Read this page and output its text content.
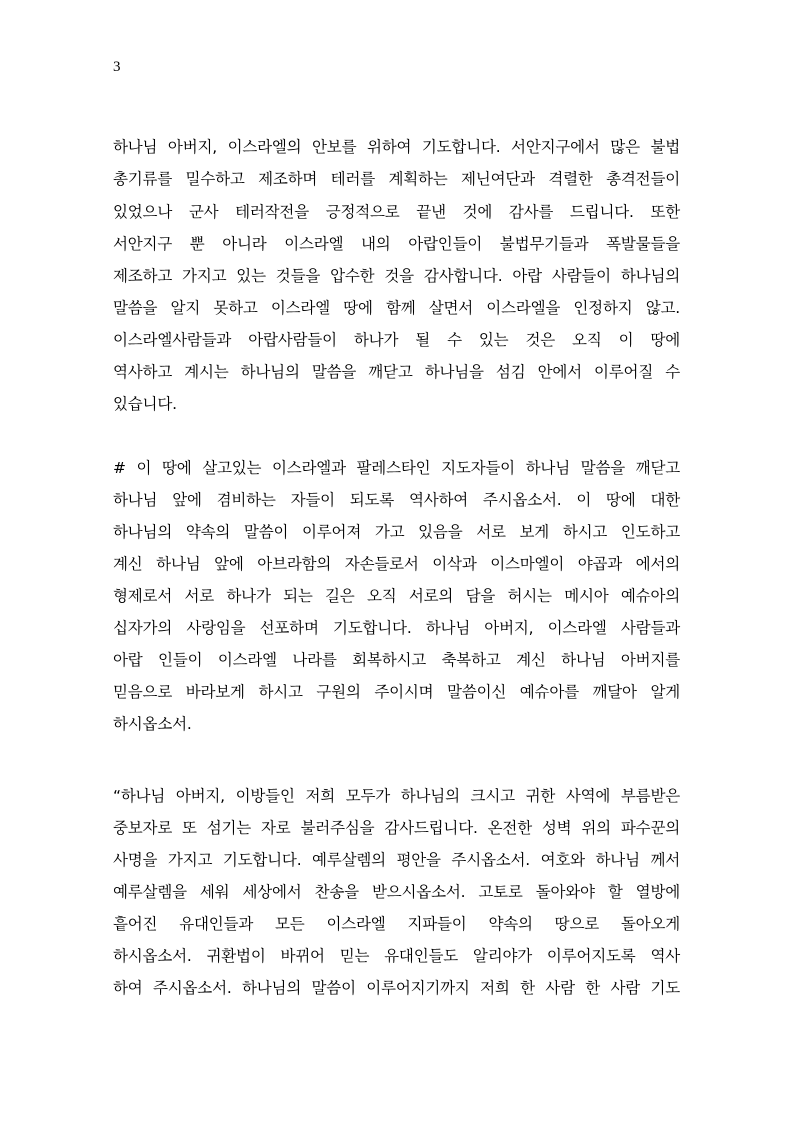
3
하나님 아버지, 이스라엘의 안보를 위하여 기도합니다. 서안지구에서 많은 불법
총기류를 밀수하고 제조하며 테러를 계획하는 제닌여단과 격렬한 총격전들이
있었으나 군사 테러작전을 긍정적으로 끝낸 것에 감사를 드립니다. 또한
서안지구 뿐 아니라 이스라엘 내의 아랍인들이 불법무기들과 폭발물들을
제조하고 가지고 있는 것들을 압수한 것을 감사합니다. 아랍 사람들이 하나님의
말씀을 알지 못하고 이스라엘 땅에 함께 살면서 이스라엘을 인정하지 않고.
이스라엘사람들과 아랍사람들이 하나가 될 수 있는 것은 오직 이 땅에
역사하고 계시는 하나님의 말씀을 깨닫고 하나님을 섬김 안에서 이루어질 수
있습니다.
# 이 땅에 살고있는 이스라엘과 팔레스타인 지도자들이 하나님 말씀을 깨닫고
하나님 앞에 겸비하는 자들이 되도록 역사하여 주시옵소서. 이 땅에 대한
하나님의 약속의 말씀이 이루어져 가고 있음을 서로 보게 하시고 인도하고
계신 하나님 앞에 아브라함의 자손들로서 이삭과 이스마엘이 야곱과 에서의
형제로서 서로 하나가 되는 길은 오직 서로의 담을 허시는 메시아 예슈아의
십자가의 사랑임을 선포하며 기도합니다. 하나님 아버지, 이스라엘 사람들과
아랍 인들이 이스라엘 나라를 회복하시고 축복하고 계신 하나님 아버지를
믿음으로 바라보게 하시고 구원의 주이시며 말씀이신 예슈아를 깨달아 알게
하시옵소서.
“하나님 아버지, 이방들인 저희 모두가 하나님의 크시고 귀한 사역에 부름받은
중보자로 또 섬기는 자로 불러주심을 감사드립니다. 온전한 성벽 위의 파수꾼의
사명을 가지고 기도합니다. 예루살렘의 평안을 주시옵소서. 여호와 하나님 께서
예루살렘을 세워 세상에서 찬송을 받으시옵소서. 고토로 돌아와야 할 열방에
흩어진 유대인들과 모든 이스라엘 지파들이 약속의 땅으로 돌아오게
하시옵소서. 귀환법이 바뀌어 믿는 유대인들도 알리야가 이루어지도록 역사
하여 주시옵소서. 하나님의 말씀이 이루어지기까지 저희 한 사람 한 사람 기도
